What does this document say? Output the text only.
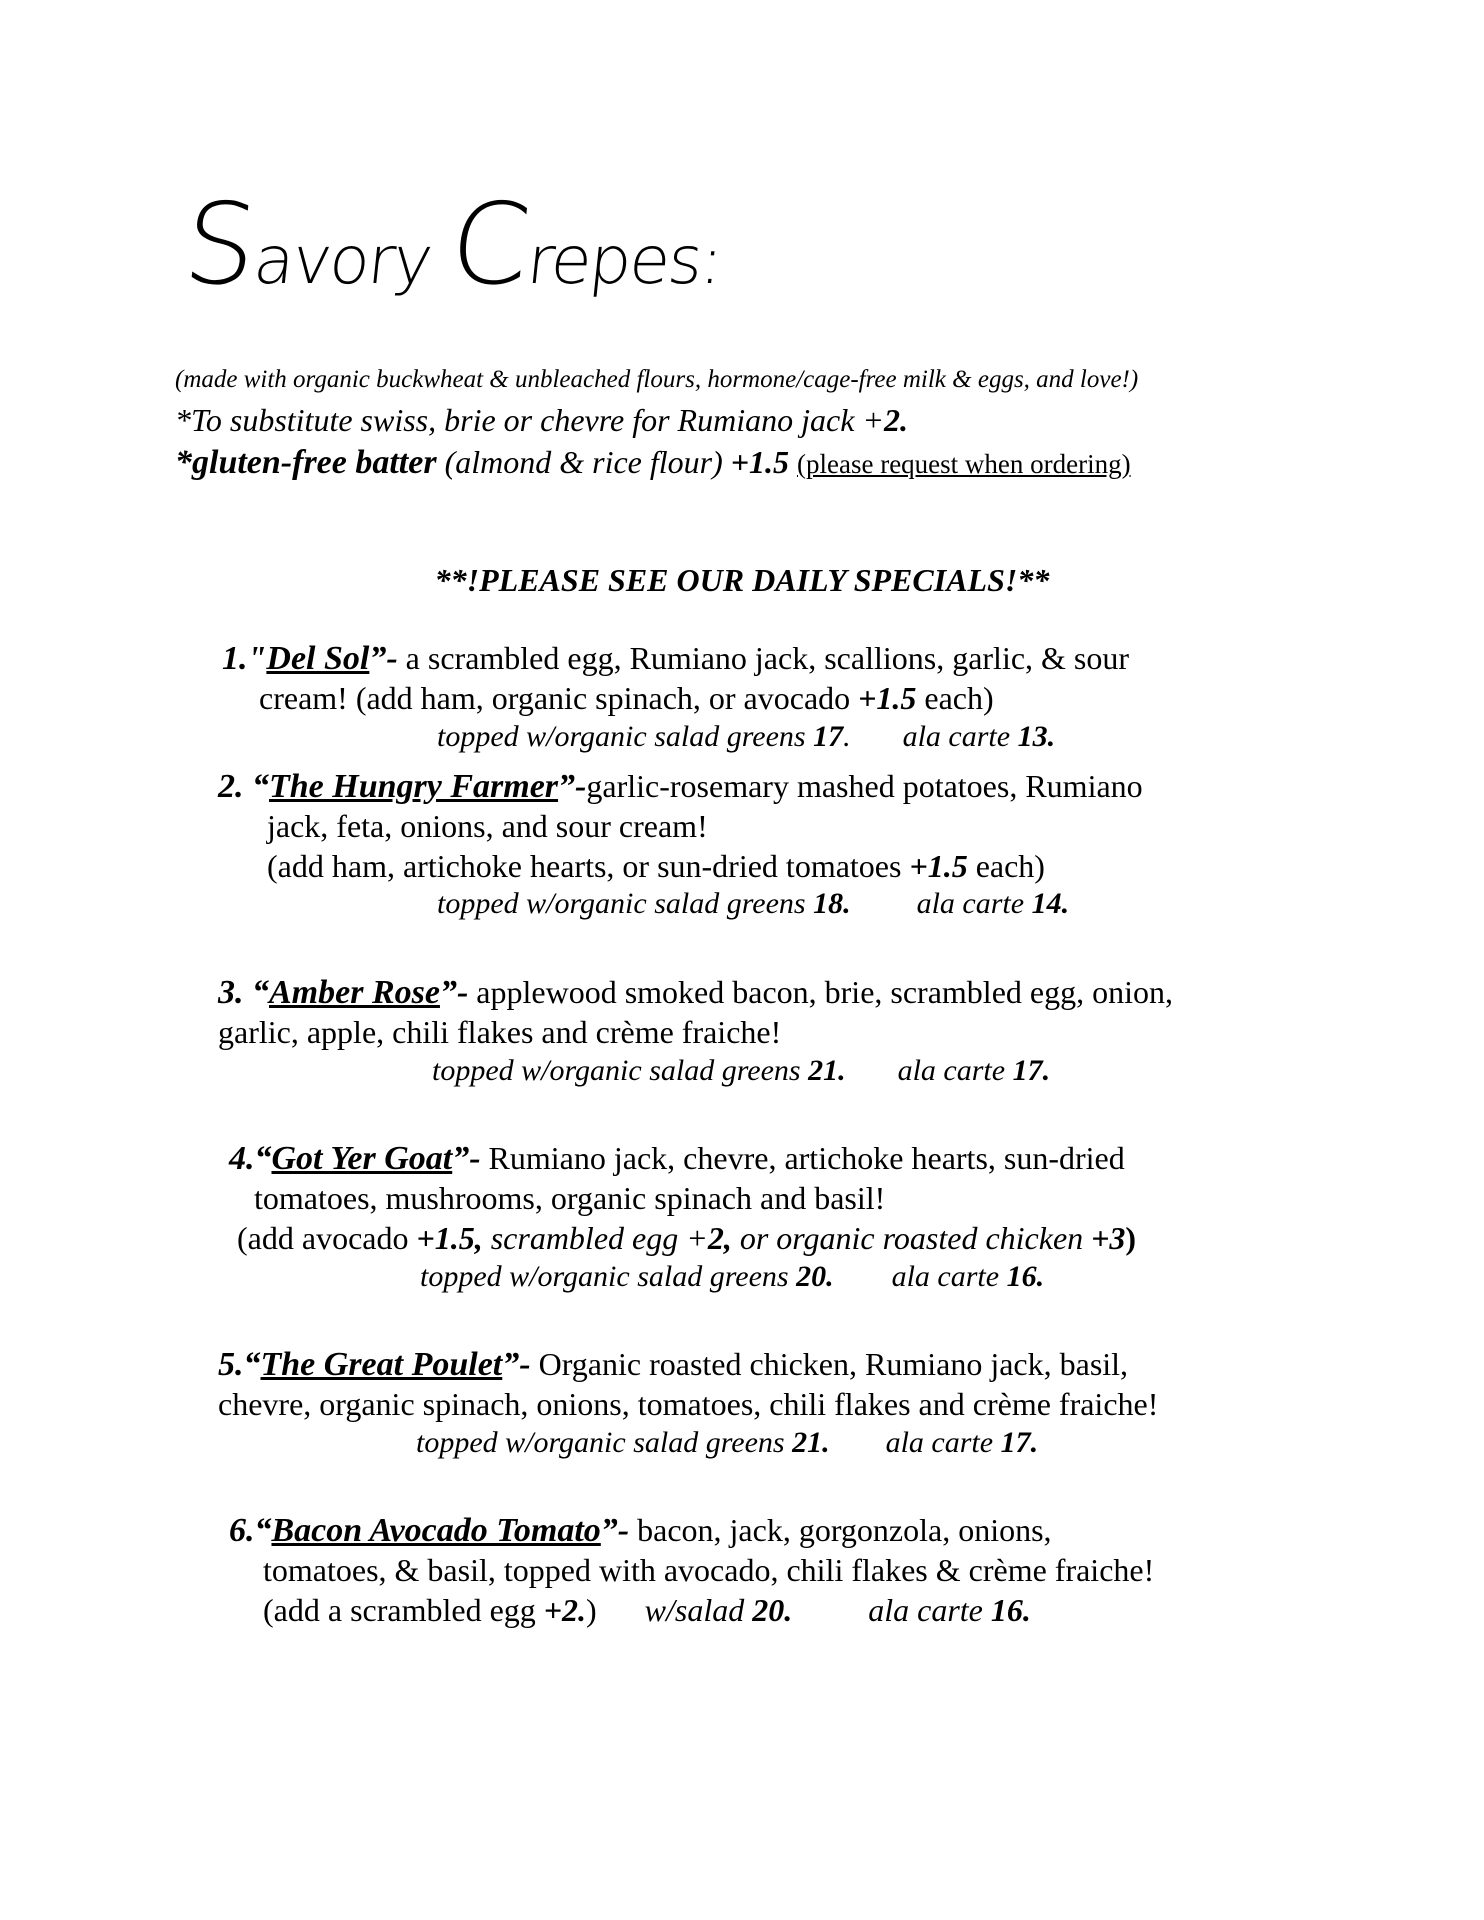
Savory Crepes:
(made with organic buckwheat & unbleached flours, hormone/cage-free milk & eggs, and love!)
*To substitute swiss, brie or chevre for Rumiano jack +2.
*gluten-free batter (almond & rice flour) +1.5 (please request when ordering)
**!PLEASE SEE OUR DAILY SPECIALS!**
1."Del Sol”- a scrambled egg, Rumiano jack, scallions, garlic, & sour
cream! (add ham, organic spinach, or avocado +1.5 each)
topped w/organic salad greens 17. ala carte 13.
2. “The Hungry Farmer”-garlic-rosemary mashed potatoes, Rumiano
jack, feta, onions, and sour cream!
(add ham, artichoke hearts, or sun-dried tomatoes +1.5 each)
topped w/organic salad greens 18. ala carte 14.
3. “Amber Rose”- applewood smoked bacon, brie, scrambled egg, onion,
garlic, apple, chili flakes and crème fraiche!
topped w/organic salad greens 21. ala carte 17.
4.“Got Yer Goat”- Rumiano jack, chevre, artichoke hearts, sun-dried
tomatoes, mushrooms, organic spinach and basil!
(add avocado +1.5, scrambled egg +2, or organic roasted chicken +3)
topped w/organic salad greens 20. ala carte 16.
5.“The Great Poulet”- Organic roasted chicken, Rumiano jack, basil,
chevre, organic spinach, onions, tomatoes, chili flakes and crème fraiche!
topped w/organic salad greens 21. ala carte 17.
6.“Bacon Avocado Tomato”- bacon, jack, gorgonzola, onions,
tomatoes, & basil, topped with avocado, chili flakes & crème fraiche!
(add a scrambled egg +2.) w/salad 20. ala carte 16.
